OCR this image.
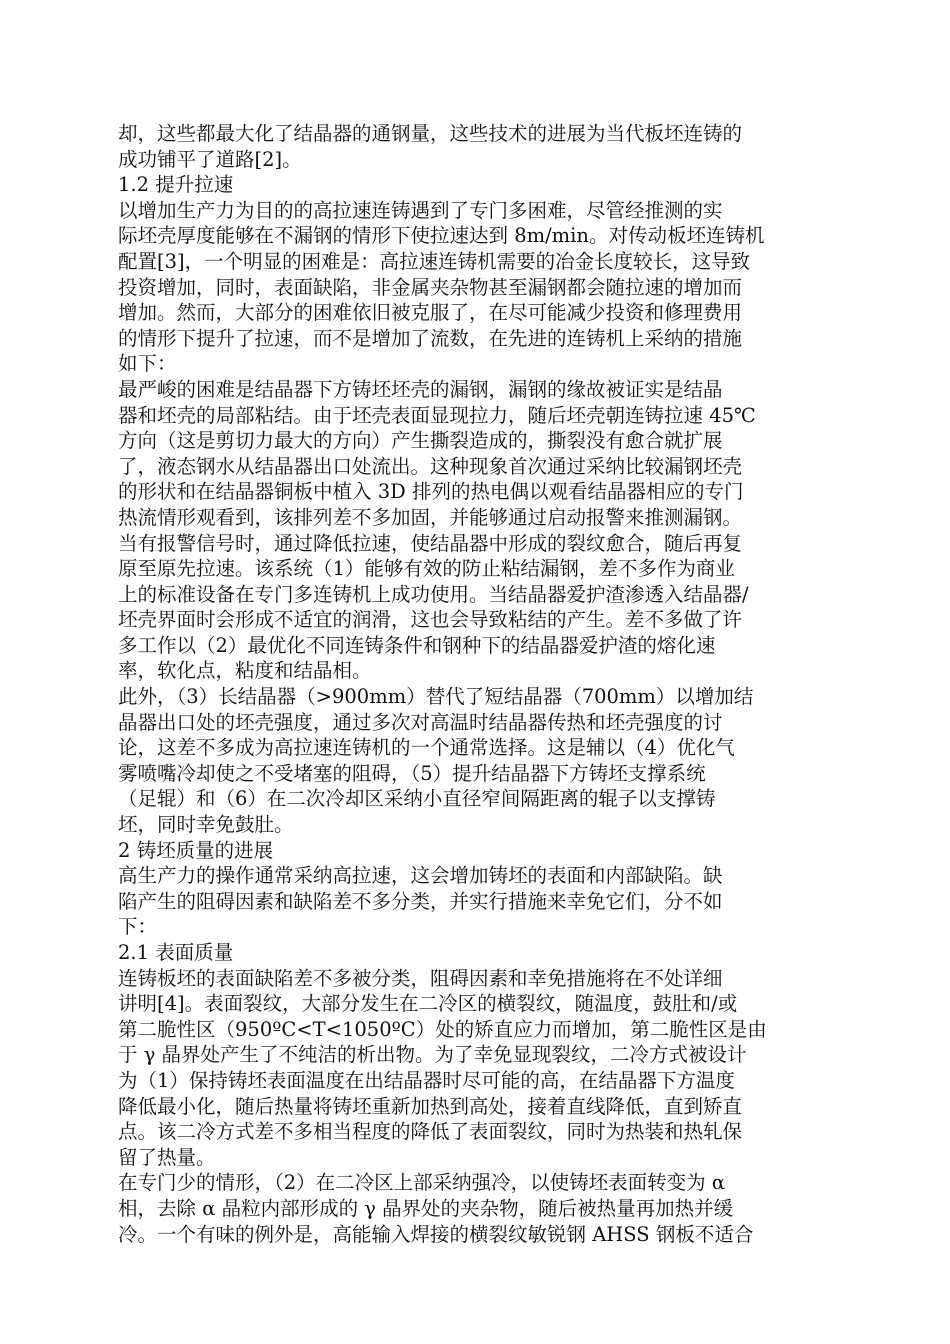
却，这些都最大化了结晶器的通钢量，这些技术的进展为当代板坯连铸的
成功铺平了道路[2]。
1.2 提升拉速
以增加生产力为目的的高拉速连铸遇到了专门多困难，尽管经推测的实
际坯壳厚度能够在不漏钢的情形下使拉速达到 8m/min。对传动板坯连铸机
配置[3]，一个明显的困难是：高拉速连铸机需要的冶金长度较长，这导致
投资增加，同时，表面缺陷，非金属夹杂物甚至漏钢都会随拉速的增加而
增加。然而，大部分的困难依旧被克服了，在尽可能减少投资和修理费用
的情形下提升了拉速，而不是增加了流数，在先进的连铸机上采纳的措施
如下：
最严峻的困难是结晶器下方铸坯坯壳的漏钢，漏钢的缘故被证实是结晶
器和坯壳的局部粘结。由于坯壳表面显现拉力，随后坯壳朝连铸拉速 45℃
方向（这是剪切力最大的方向）产生撕裂造成的，撕裂没有愈合就扩展
了，液态钢水从结晶器出口处流出。这种现象首次通过采纳比较漏钢坯壳
的形状和在结晶器铜板中植入 3D 排列的热电偶以观看结晶器相应的专门
热流情形观看到，该排列差不多加固，并能够通过启动报警来推测漏钢。
当有报警信号时，通过降低拉速，使结晶器中形成的裂纹愈合，随后再复
原至原先拉速。该系统（1）能够有效的防止粘结漏钢，差不多作为商业
上的标准设备在专门多连铸机上成功使用。当结晶器爱护渣渗透入结晶器/
坯壳界面时会形成不适宜的润滑，这也会导致粘结的产生。差不多做了许
多工作以（2）最优化不同连铸条件和钢种下的结晶器爱护渣的熔化速
率，软化点，粘度和结晶相。
此外，（3）长结晶器（>900mm）替代了短结晶器（700mm）以增加结
晶器出口处的坯壳强度，通过多次对高温时结晶器传热和坯壳强度的讨
论，这差不多成为高拉速连铸机的一个通常选择。这是辅以（4）优化气
雾喷嘴冷却使之不受堵塞的阻碍，（5）提升结晶器下方铸坯支撑系统
（足辊）和（6）在二次冷却区采纳小直径窄间隔距离的辊子以支撑铸
坯，同时幸免鼓肚。
2 铸坯质量的进展
高生产力的操作通常采纳高拉速，这会增加铸坯的表面和内部缺陷。缺
陷产生的阻碍因素和缺陷差不多分类，并实行措施来幸免它们，分不如
下：
2.1 表面质量
连铸板坯的表面缺陷差不多被分类，阻碍因素和幸免措施将在不处详细
讲明[4]。表面裂纹，大部分发生在二冷区的横裂纹，随温度，鼓肚和/或
第二脆性区（950ºC<T<1050ºC）处的矫直应力而增加，第二脆性区是由
于 γ 晶界处产生了不纯洁的析出物。为了幸免显现裂纹，二冷方式被设计
为（1）保持铸坯表面温度在出结晶器时尽可能的高，在结晶器下方温度
降低最小化，随后热量将铸坯重新加热到高处，接着直线降低，直到矫直
点。该二冷方式差不多相当程度的降低了表面裂纹，同时为热装和热轧保
留了热量。
在专门少的情形，（2）在二冷区上部采纳强冷，以使铸坯表面转变为 α
相，去除 α 晶粒内部形成的 γ 晶界处的夹杂物，随后被热量再加热并缓
冷。一个有味的例外是，高能输入焊接的横裂纹敏锐钢 AHSS 钢板不适合
